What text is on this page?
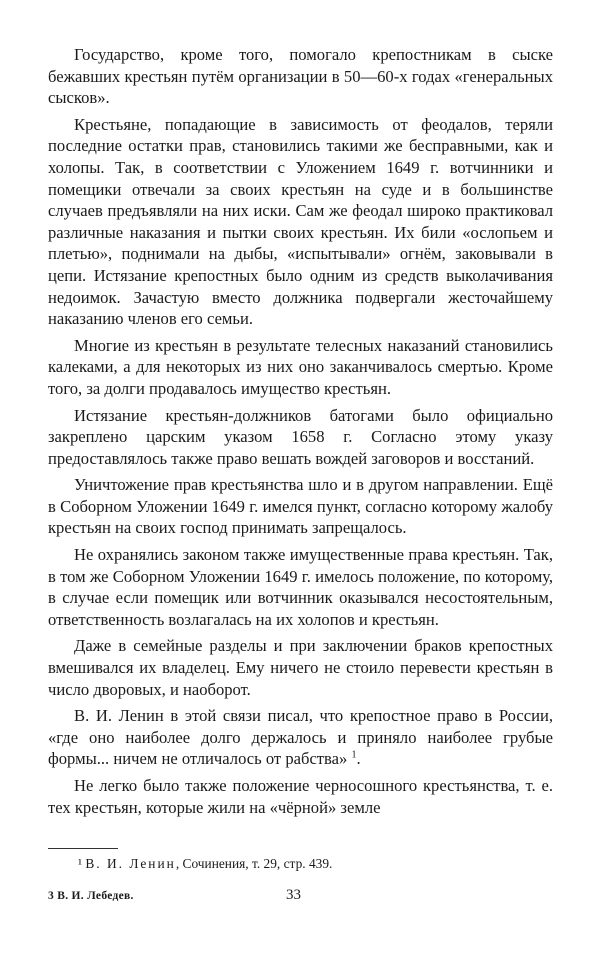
Государство, кроме того, помогало крепостникам в сыске бежавших крестьян путём организации в 50—60-х годах «генеральных сысков».

Крестьяне, попадающие в зависимость от феодалов, теряли последние остатки прав, становились такими же бесправными, как и холопы. Так, в соответствии с Уложением 1649 г. вотчинники и помещики отвечали за своих крестьян на суде и в большинстве случаев предъявляли на них иски. Сам же феодал широко практиковал различные наказания и пытки своих крестьян. Их били «ослопьем и плетью», поднимали на дыбы, «испытывали» огнём, заковывали в цепи. Истязание крепостных было одним из средств выколачивания недоимок. Зачастую вместо должника подвергали жесточайшему наказанию членов его семьи.

Многие из крестьян в результате телесных наказаний становились калеками, а для некоторых из них оно заканчивалось смертью. Кроме того, за долги продавалось имущество крестьян.

Истязание крестьян-должников батогами было официально закреплено царским указом 1658 г. Согласно этому указу предоставлялось также право вешать вождей заговоров и восстаний.

Уничтожение прав крестьянства шло и в другом направлении. Ещё в Соборном Уложении 1649 г. имелся пункт, согласно которому жалобу крестьян на своих господ принимать запрещалось.

Не охранялись законом также имущественные права крестьян. Так, в том же Соборном Уложении 1649 г. имелось положение, по которому, в случае если помещик или вотчинник оказывался несостоятельным, ответственность возлагалась на их холопов и крестьян.

Даже в семейные разделы и при заключении браков крепостных вмешивался их владелец. Ему ничего не стоило перевести крестьян в число дворовых, и наоборот.

В. И. Ленин в этой связи писал, что крепостное право в России, «где оно наиболее долго держалось и приняло наиболее грубые формы... ничем не отличалось от рабства» $^1$.

Не легко было также положение черносошного крестьянства, т. е. тех крестьян, которые жили на «чёрной» земле

¹ В. И. Ленин, Сочинения, т. 29, стр. 439.
3 В. И. Лебедев.	33
